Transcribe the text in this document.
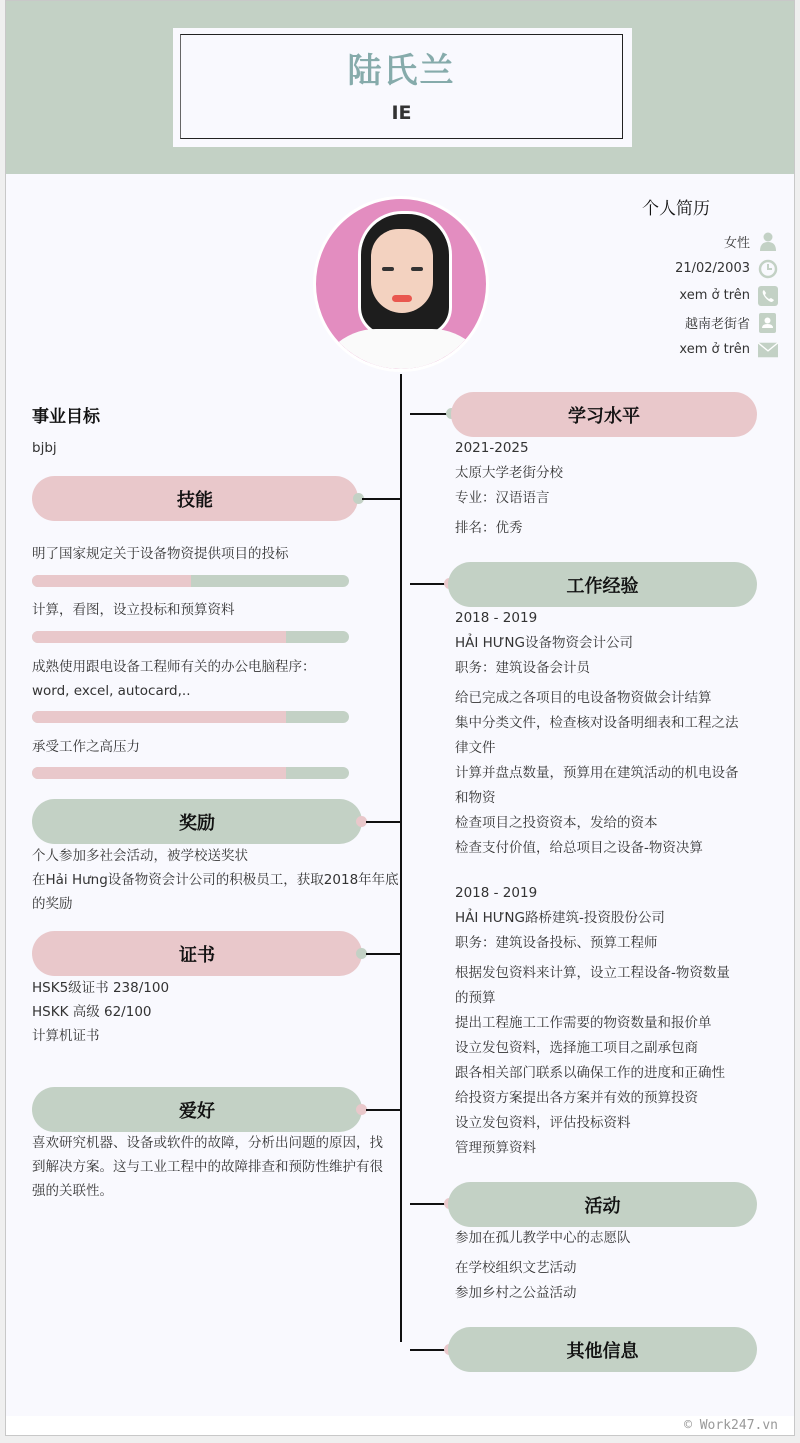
陆氏兰
IE
个人简历
女性
21/02/2003
xem ở trên
越南老街省
xem ở trên
事业目标
bjbj
技能
明了国家规定关于设备物资提供项目的投标
计算，看图，设立投标和预算资料
成熟使用跟电设备工程师有关的办公电脑程序：
word, excel, autocard,..
承受工作之高压力
奖励
个人参加多社会活动，被学校送奖状
在Hải Hưng设备物资会计公司的积极员工，获取2018年年底
的奖励
证书
HSK5级证书 238/100
HSKK 高级 62/100
计算机证书
爱好
喜欢研究机器、设备或软件的故障，分析出问题的原因，找
到解决方案。这与工业工程中的故障排查和预防性维护有很
强的关联性。
学习水平
2021-2025
太原大学老街分校
专业：汉语语言
排名：优秀
工作经验
2018 - 2019
HẢI HƯNG设备物资会计公司
职务：建筑设备会计员
给已完成之各项目的电设备物资做会计结算
集中分类文件，检查核对设备明细表和工程之法
律文件
计算并盘点数量，预算用在建筑活动的机电设备
和物资
检查项目之投资资本，发给的资本
检查支付价值，给总项目之设备-物资决算
2018 - 2019
HẢI HƯNG路桥建筑-投资股份公司
职务：建筑设备投标、预算工程师
根据发包资料来计算，设立工程设备-物资数量
的预算
提出工程施工工作需要的物资数量和报价单
设立发包资料，选择施工项目之副承包商
跟各相关部门联系以确保工作的进度和正确性
给投资方案提出各方案并有效的预算投资
设立发包资料，评估投标资料
管理预算资料
活动
参加在孤儿教学中心的志愿队
在学校组织文艺活动
参加乡村之公益活动
其他信息
© Work247.vn
